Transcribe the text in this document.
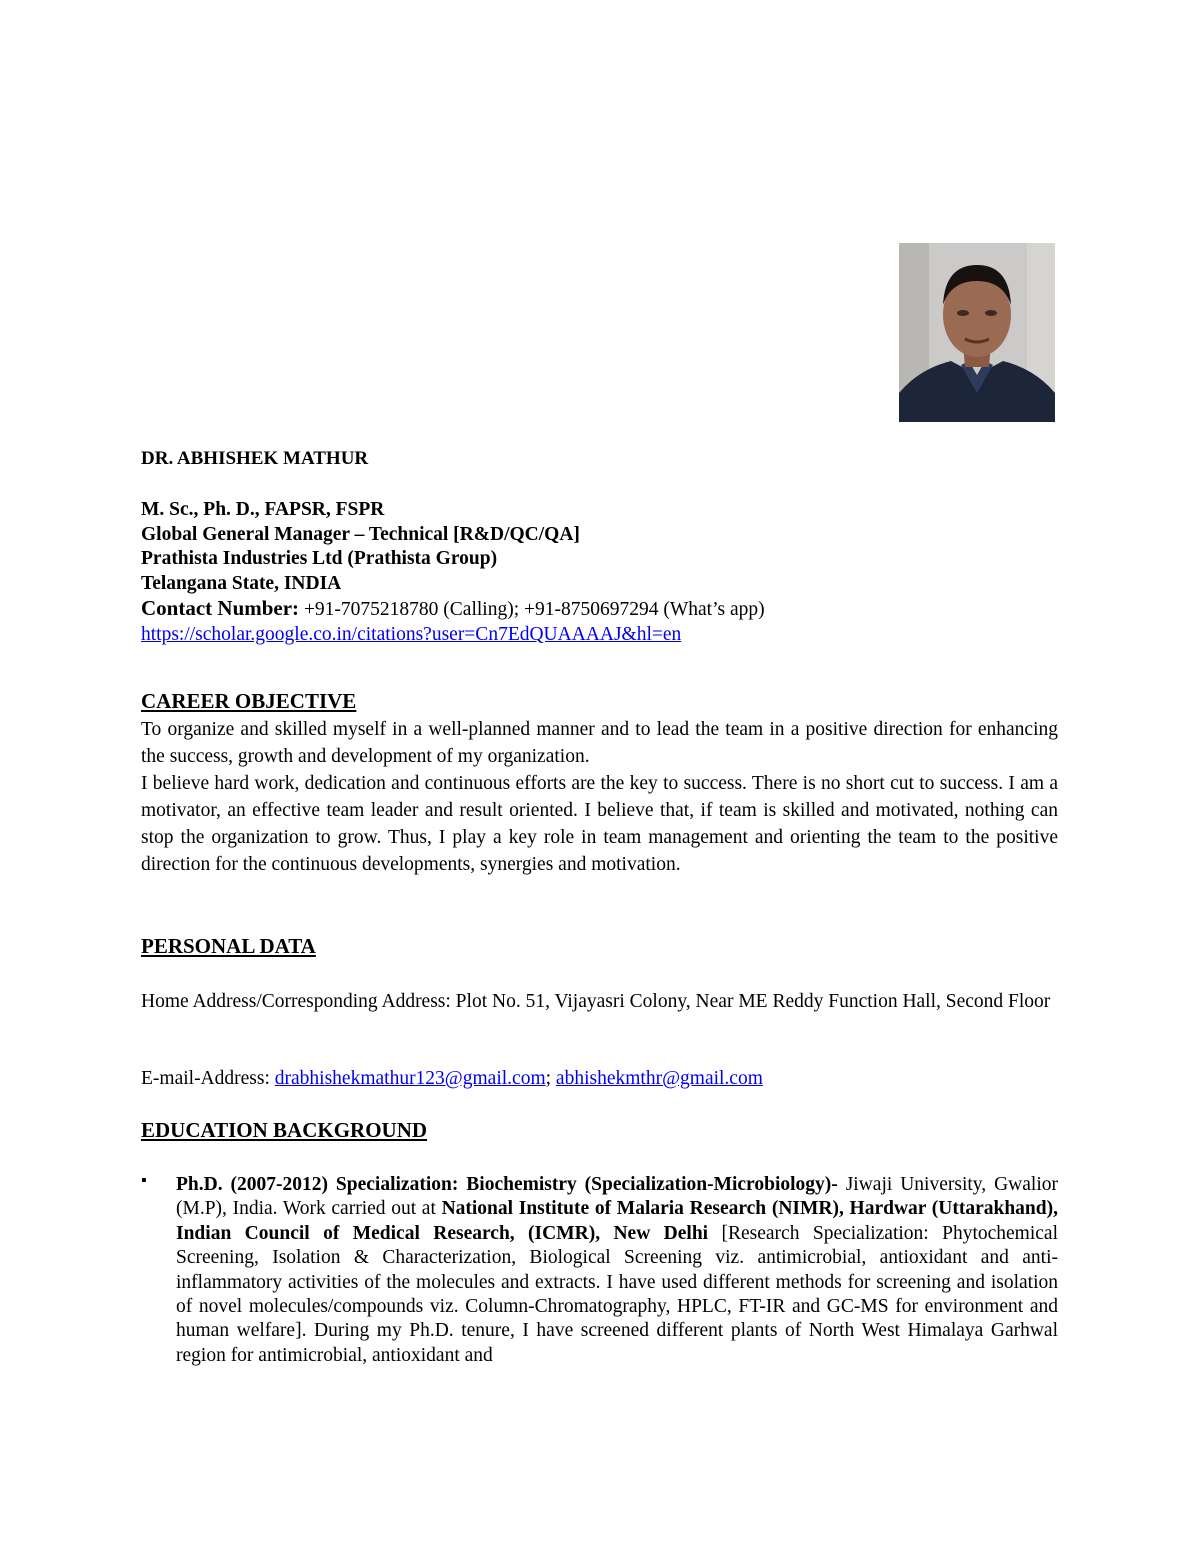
DR. ABHISHEK MATHUR
M. Sc., Ph. D., FAPSR, FSPR
Global General Manager – Technical [R&D/QC/QA]
Prathista Industries Ltd (Prathista Group)
Telangana State, INDIA
Contact Number: +91-7075218780 (Calling); +91-8750697294 (What’s app)
https://scholar.google.co.in/citations?user=Cn7EdQUAAAAJ&hl=en
CAREER OBJECTIVE

To organize and skilled myself in a well-planned manner and to lead the team in a positive direction for enhancing the success, growth and development of my organization.

I believe hard work, dedication and continuous efforts are the key to success. There is no short cut to success. I am a motivator, an effective team leader and result oriented. I believe that, if team is skilled and motivated, nothing can stop the organization to grow. Thus, I play a key role in team management and orienting the team to the positive direction for the continuous developments, synergies and motivation.

PERSONAL DATA
Home Address/Corresponding Address: Plot No. 51, Vijayasri Colony, Near ME Reddy Function Hall, Second Floor
E-mail-Address: drabhishekmathur123@gmail.com; abhishekmthr@gmail.com
EDUCATION BACKGROUND
▪ Ph.D. (2007-2012) Specialization: Biochemistry (Specialization-Microbiology)- Jiwaji University, Gwalior (M.P), India. Work carried out at National Institute of Malaria Research (NIMR), Hardwar (Uttarakhand), Indian Council of Medical Research, (ICMR), New Delhi [Research Specialization: Phytochemical Screening, Isolation & Characterization, Biological Screening viz. antimicrobial, antioxidant and anti-inflammatory activities of the molecules and extracts. I have used different methods for screening and isolation of novel molecules/compounds viz. Column-Chromatography, HPLC, FT-IR and GC-MS for environment and human welfare]. During my Ph.D. tenure, I have screened different plants of North West Himalaya Garhwal region for antimicrobial, antioxidant and
